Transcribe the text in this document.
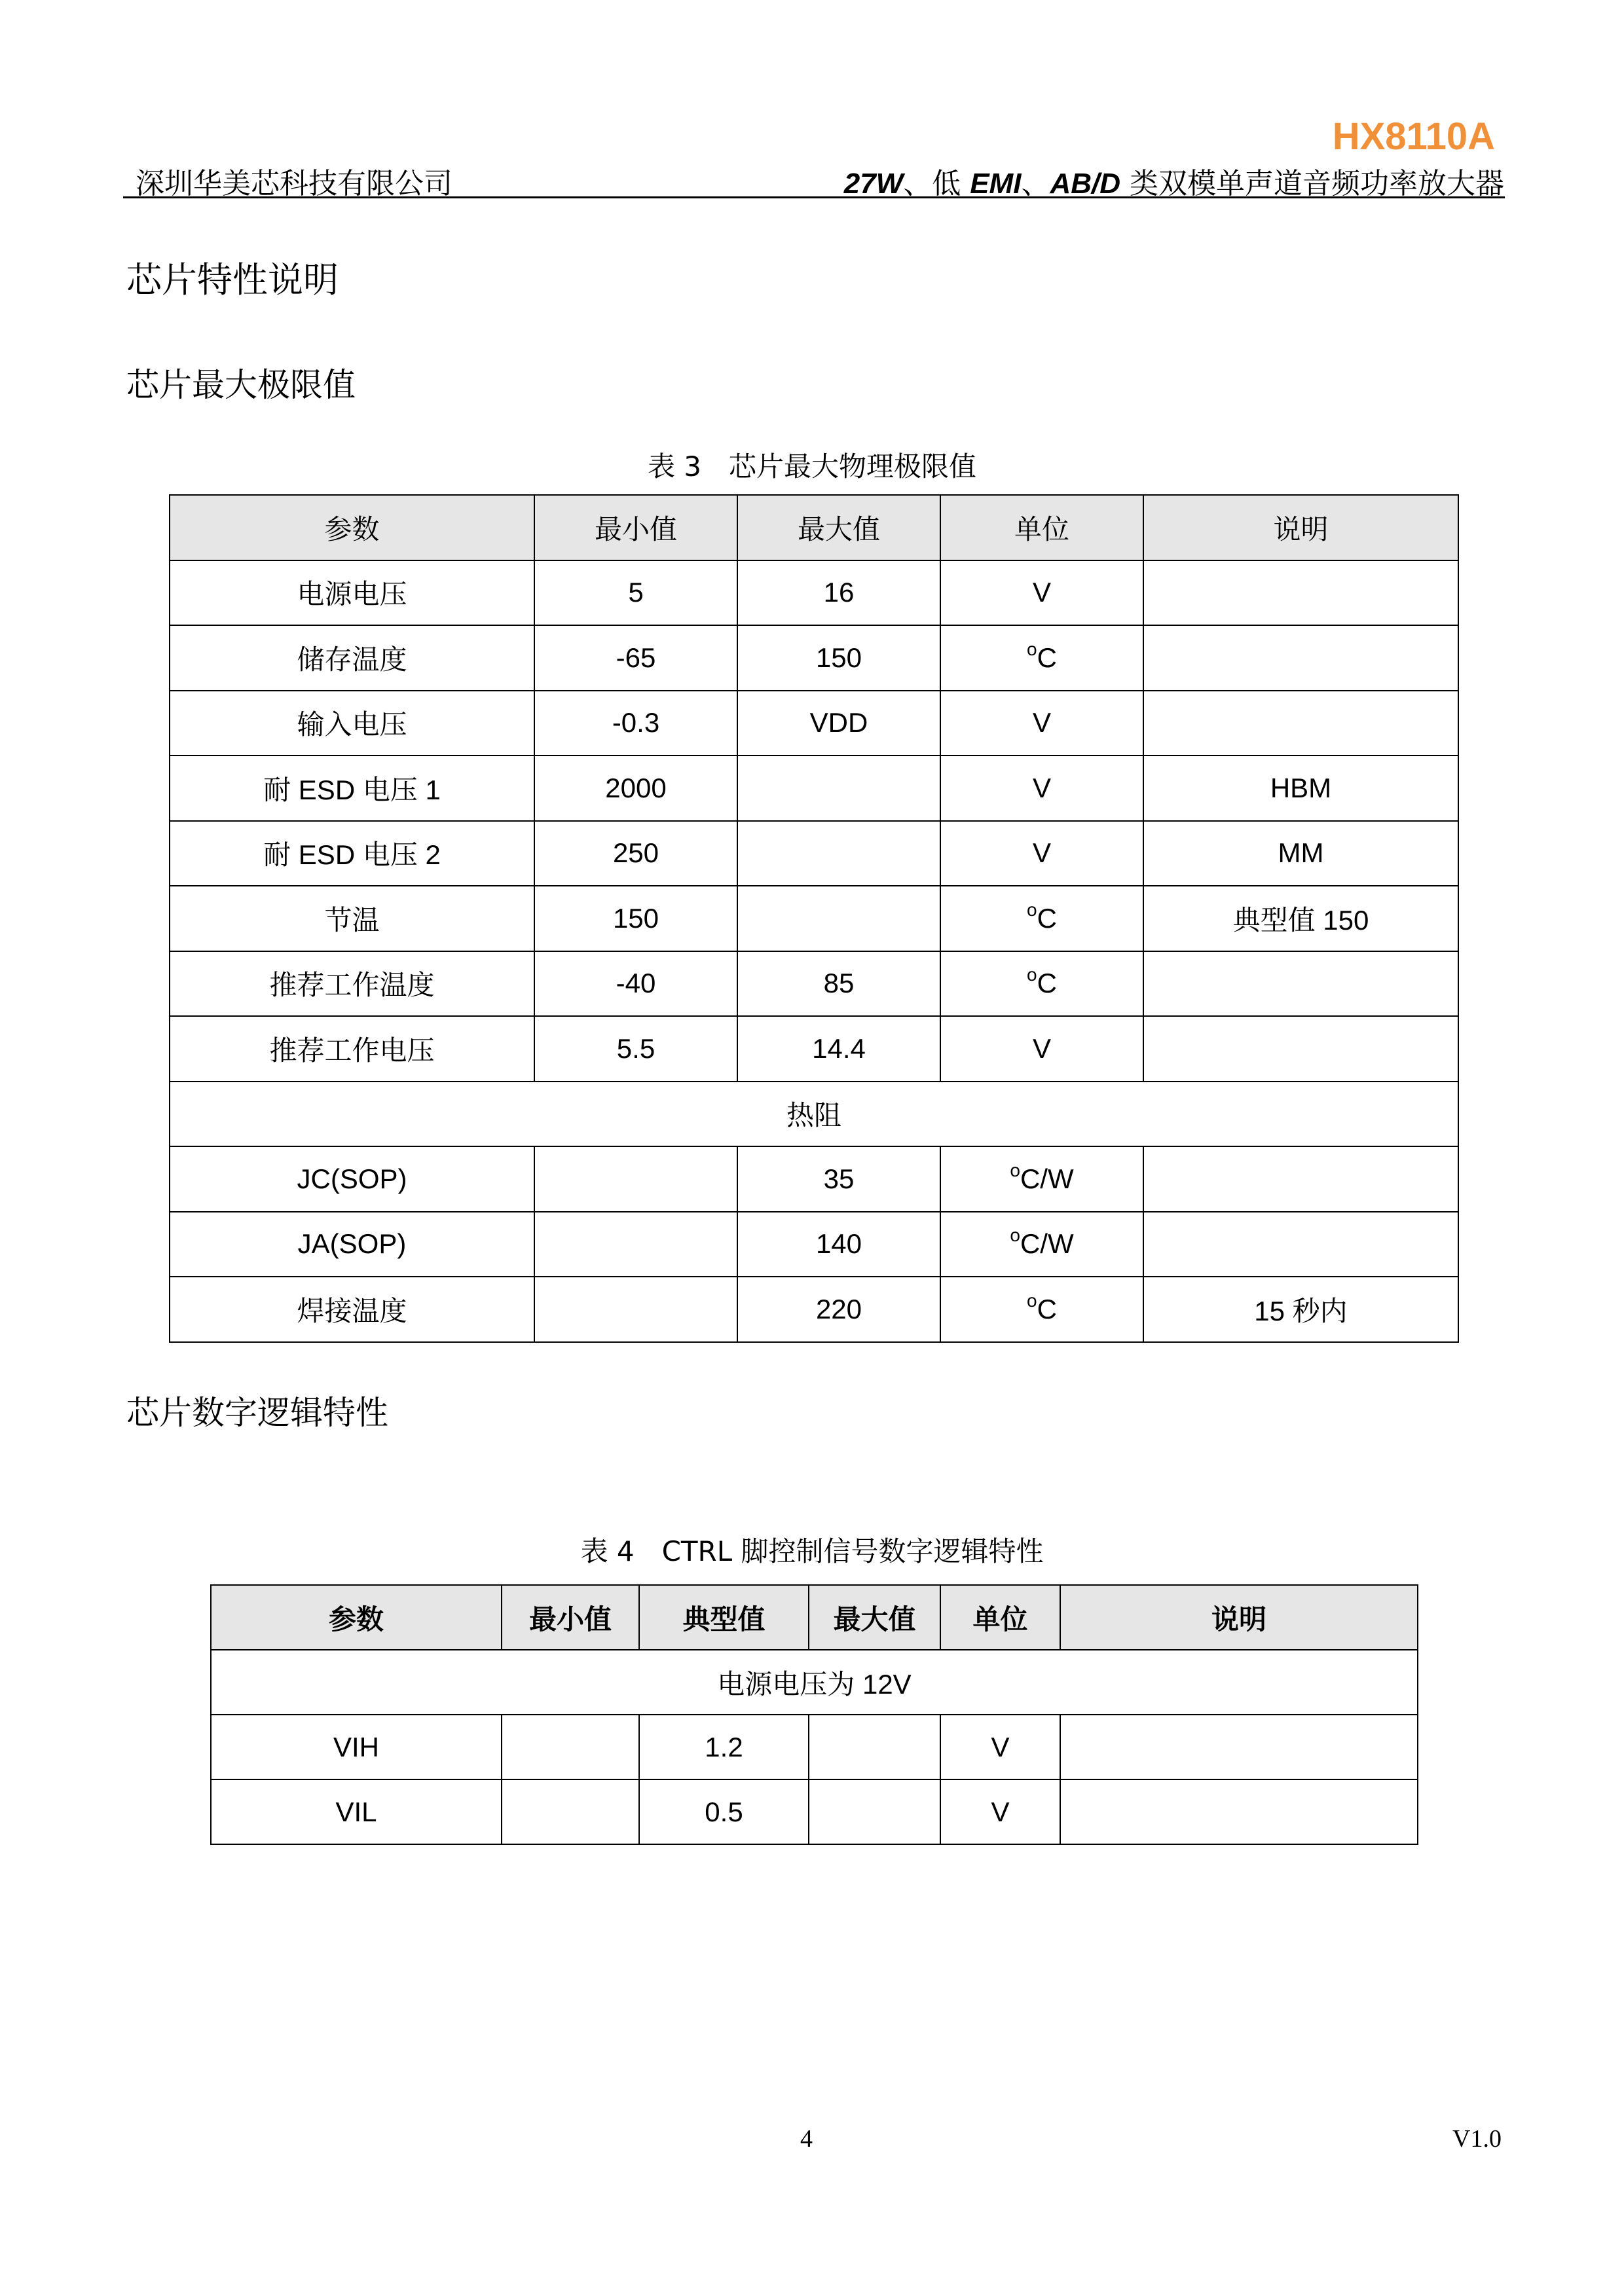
HX8110A
深圳华美芯科技有限公司	27W、低 EMI、AB/D 类双模单声道音频功率放大器
芯片特性说明
芯片最大极限值
表 3　芯片最大物理极限值
参数	最小值	最大值	单位	说明
电源电压	5	16	V	
储存温度	-65	150	$^o$C	
输入电压	-0.3	VDD	V	
耐 ESD 电压 1	2000		V	HBM
耐 ESD 电压 2	250		V	MM
节温	150		$^o$C	典型值 150
推荐工作温度	-40	85	$^o$C	
推荐工作电压	5.5	14.4	V	
热阻				
JC(SOP)		35	$^o$C/W	
JA(SOP)		140	$^o$C/W	
焊接温度		220	$^o$C	15 秒内
芯片数字逻辑特性
表 4　CTRL 脚控制信号数字逻辑特性
参数	最小值	典型值	最大值	单位	说明
电源电压为 12V					
VIH		1.2		V	
VIL		0.5		V	
4	V1.0
